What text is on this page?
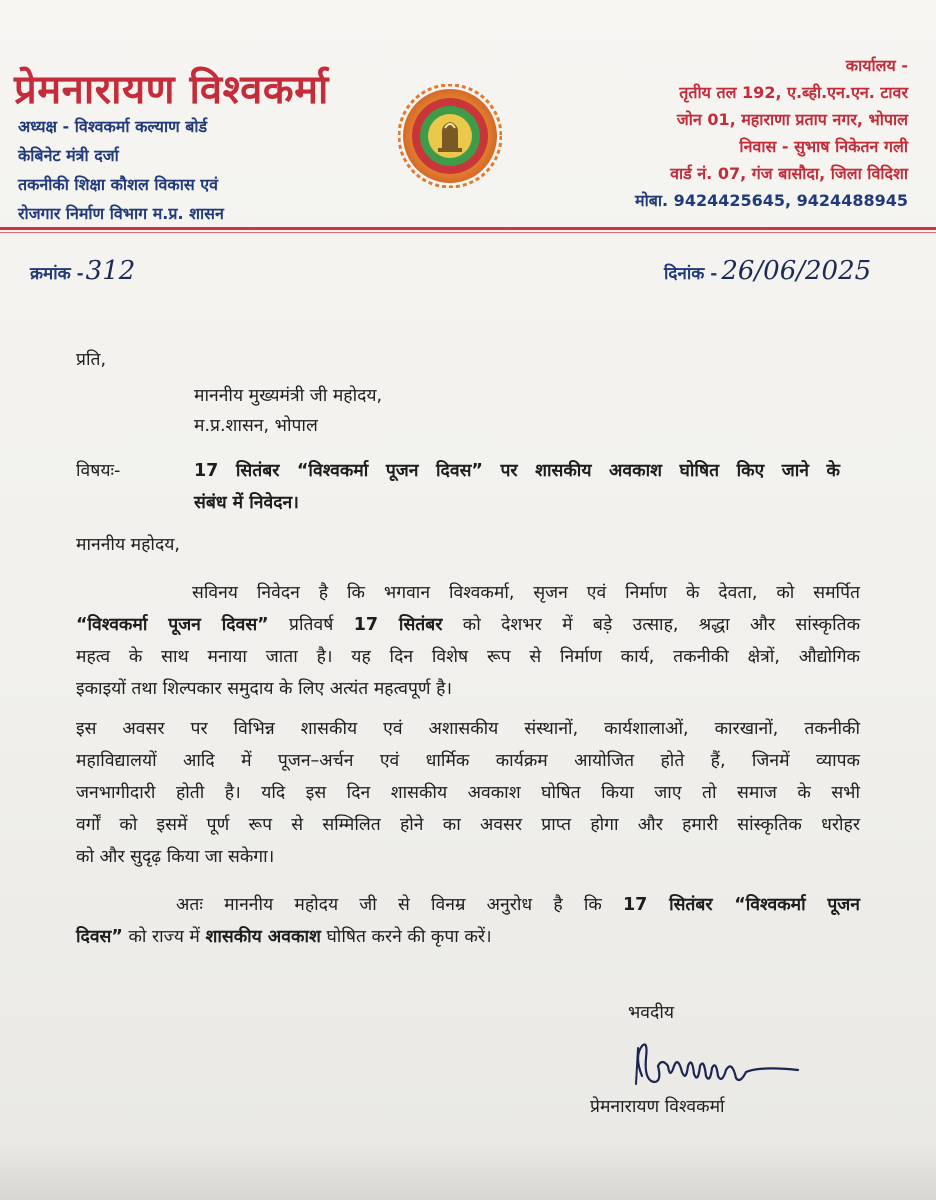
प्रेमनारायण विश्वकर्मा
अध्यक्ष - विश्वकर्मा कल्याण बोर्ड
केबिनेट मंत्री दर्जा
तकनीकी शिक्षा कौशल विकास एवं
रोजगार निर्माण विभाग म.प्र. शासन
कार्यालय -
तृतीय तल 192, ए.ब्ही.एन.एन. टावर
जोन 01, महाराणा प्रताप नगर, भोपाल
निवास - सुभाष निकेतन गली
वार्ड नं. 07, गंज बासौदा, जिला विदिशा
मोबा. 9424425645, 9424488945
क्रमांक -312	दिनांक - 26/06/2025
प्रति,
माननीय मुख्यमंत्री जी महोदय,
म.प्र.शासन, भोपाल
विषयः-	17 सितंबर “विश्वकर्मा पूजन दिवस” पर शासकीय अवकाश घोषित किए जाने के
संबंध में निवेदन।
माननीय महोदय,
सविनय निवेदन है कि भगवान विश्वकर्मा, सृजन एवं निर्माण के देवता, को समर्पित
“विश्वकर्मा पूजन दिवस” प्रतिवर्ष 17 सितंबर को देशभर में बड़े उत्साह, श्रद्धा और सांस्कृतिक
महत्व के साथ मनाया जाता है। यह दिन विशेष रूप से निर्माण कार्य, तकनीकी क्षेत्रों, औद्योगिक
इकाइयों तथा शिल्पकार समुदाय के लिए अत्यंत महत्वपूर्ण है।
इस अवसर पर विभिन्न शासकीय एवं अशासकीय संस्थानों, कार्यशालाओं, कारखानों, तकनीकी
महाविद्यालयों आदि में पूजन–अर्चन एवं धार्मिक कार्यक्रम आयोजित होते हैं, जिनमें व्यापक
जनभागीदारी होती है। यदि इस दिन शासकीय अवकाश घोषित किया जाए तो समाज के सभी
वर्गों को इसमें पूर्ण रूप से सम्मिलित होने का अवसर प्राप्त होगा और हमारी सांस्कृतिक धरोहर
को और सुदृढ़ किया जा सकेगा।
अतः माननीय महोदय जी से विनम्र अनुरोध है कि 17 सितंबर “विश्वकर्मा पूजन
दिवस” को राज्य में शासकीय अवकाश घोषित करने की कृपा करें।
भवदीय
प्रेमनारायण विश्वकर्मा
